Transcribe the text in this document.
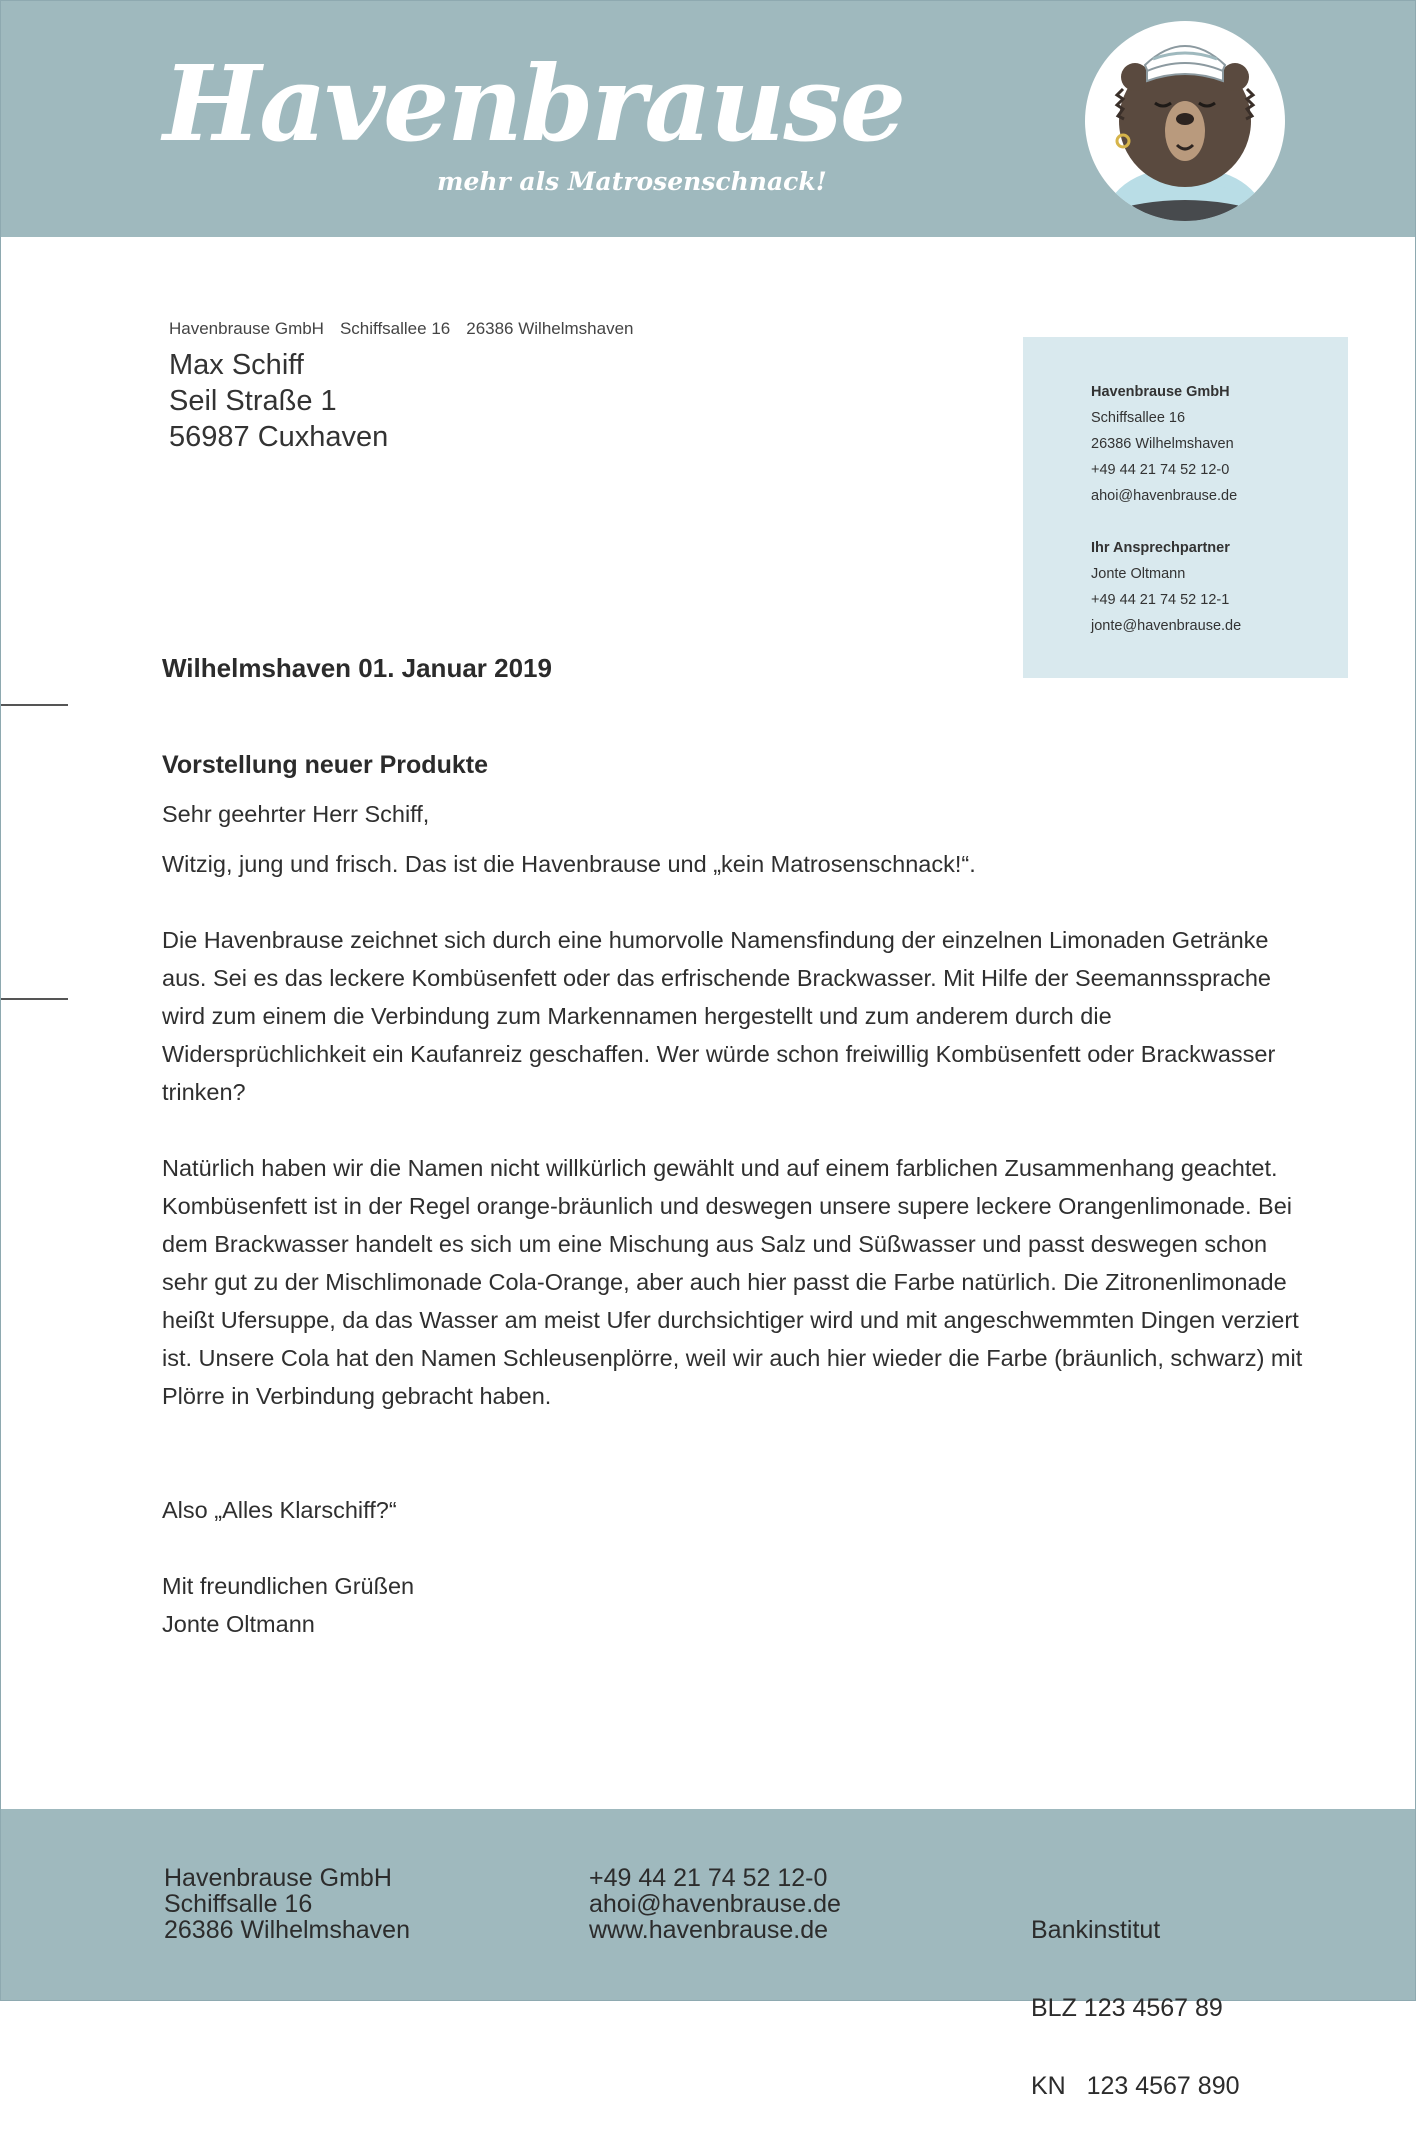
Havenbrause
mehr als Matrosenschnack!
Havenbrause GmbH Schiffsallee 16 26386 Wilhelmshaven
Max Schiff
Seil Straße 1
56987 Cuxhaven
Havenbrause GmbH
Schiffsallee 16
26386 Wilhelmshaven
+49 44 21 74 52 12-0
ahoi@havenbrause.de
Ihr Ansprechpartner
Jonte Oltmann
+49 44 21 74 52 12-1
jonte@havenbrause.de
Wilhelmshaven 01. Januar 2019
Vorstellung neuer Produkte

Sehr geehrter Herr Schiff,

Witzig, jung und frisch. Das ist die Havenbrause und „kein Matrosenschnack!“.

Die Havenbrause zeichnet sich durch eine humorvolle Namensfindung der einzelnen Limonaden Getränke aus. Sei es das leckere Kombüsenfett oder das erfrischende Brackwasser. Mit Hilfe der Seemannssprache wird zum einem die Verbindung zum Markennamen hergestellt und zum anderem durch die Widersprüchlichkeit ein Kaufanreiz geschaffen. Wer würde schon freiwillig Kombüsenfett oder Brackwasser trinken?

Natürlich haben wir die Namen nicht willkürlich gewählt und auf einem farblichen Zusammenhang geachtet. Kombüsenfett ist in der Regel orange-bräunlich und deswegen unsere supere leckere Orangenlimonade. Bei dem Brackwasser handelt es sich um eine Mischung aus Salz und Süßwasser und passt deswegen schon sehr gut zu der Mischlimonade Cola-Orange, aber auch hier passt die Farbe natürlich. Die Zitronenlimonade heißt Ufersuppe, da das Wasser am meist Ufer durchsichtiger wird und mit angeschwemmten Dingen verziert ist. Unsere Cola hat den Namen Schleusenplörre, weil wir auch hier wieder die Farbe (bräunlich, schwarz) mit Plörre in Verbindung gebracht haben.

Also „Alles Klarschiff?“

Mit freundlichen Grüßen

Jonte Oltmann

Havenbrause GmbH
Schiffsalle 16
26386 Wilhelmshaven
+49 44 21 74 52 12-0
ahoi@havenbrause.de
www.havenbrause.de

	Bankinstitut

BLZ 123 4567 89

KN   123 4567 890
